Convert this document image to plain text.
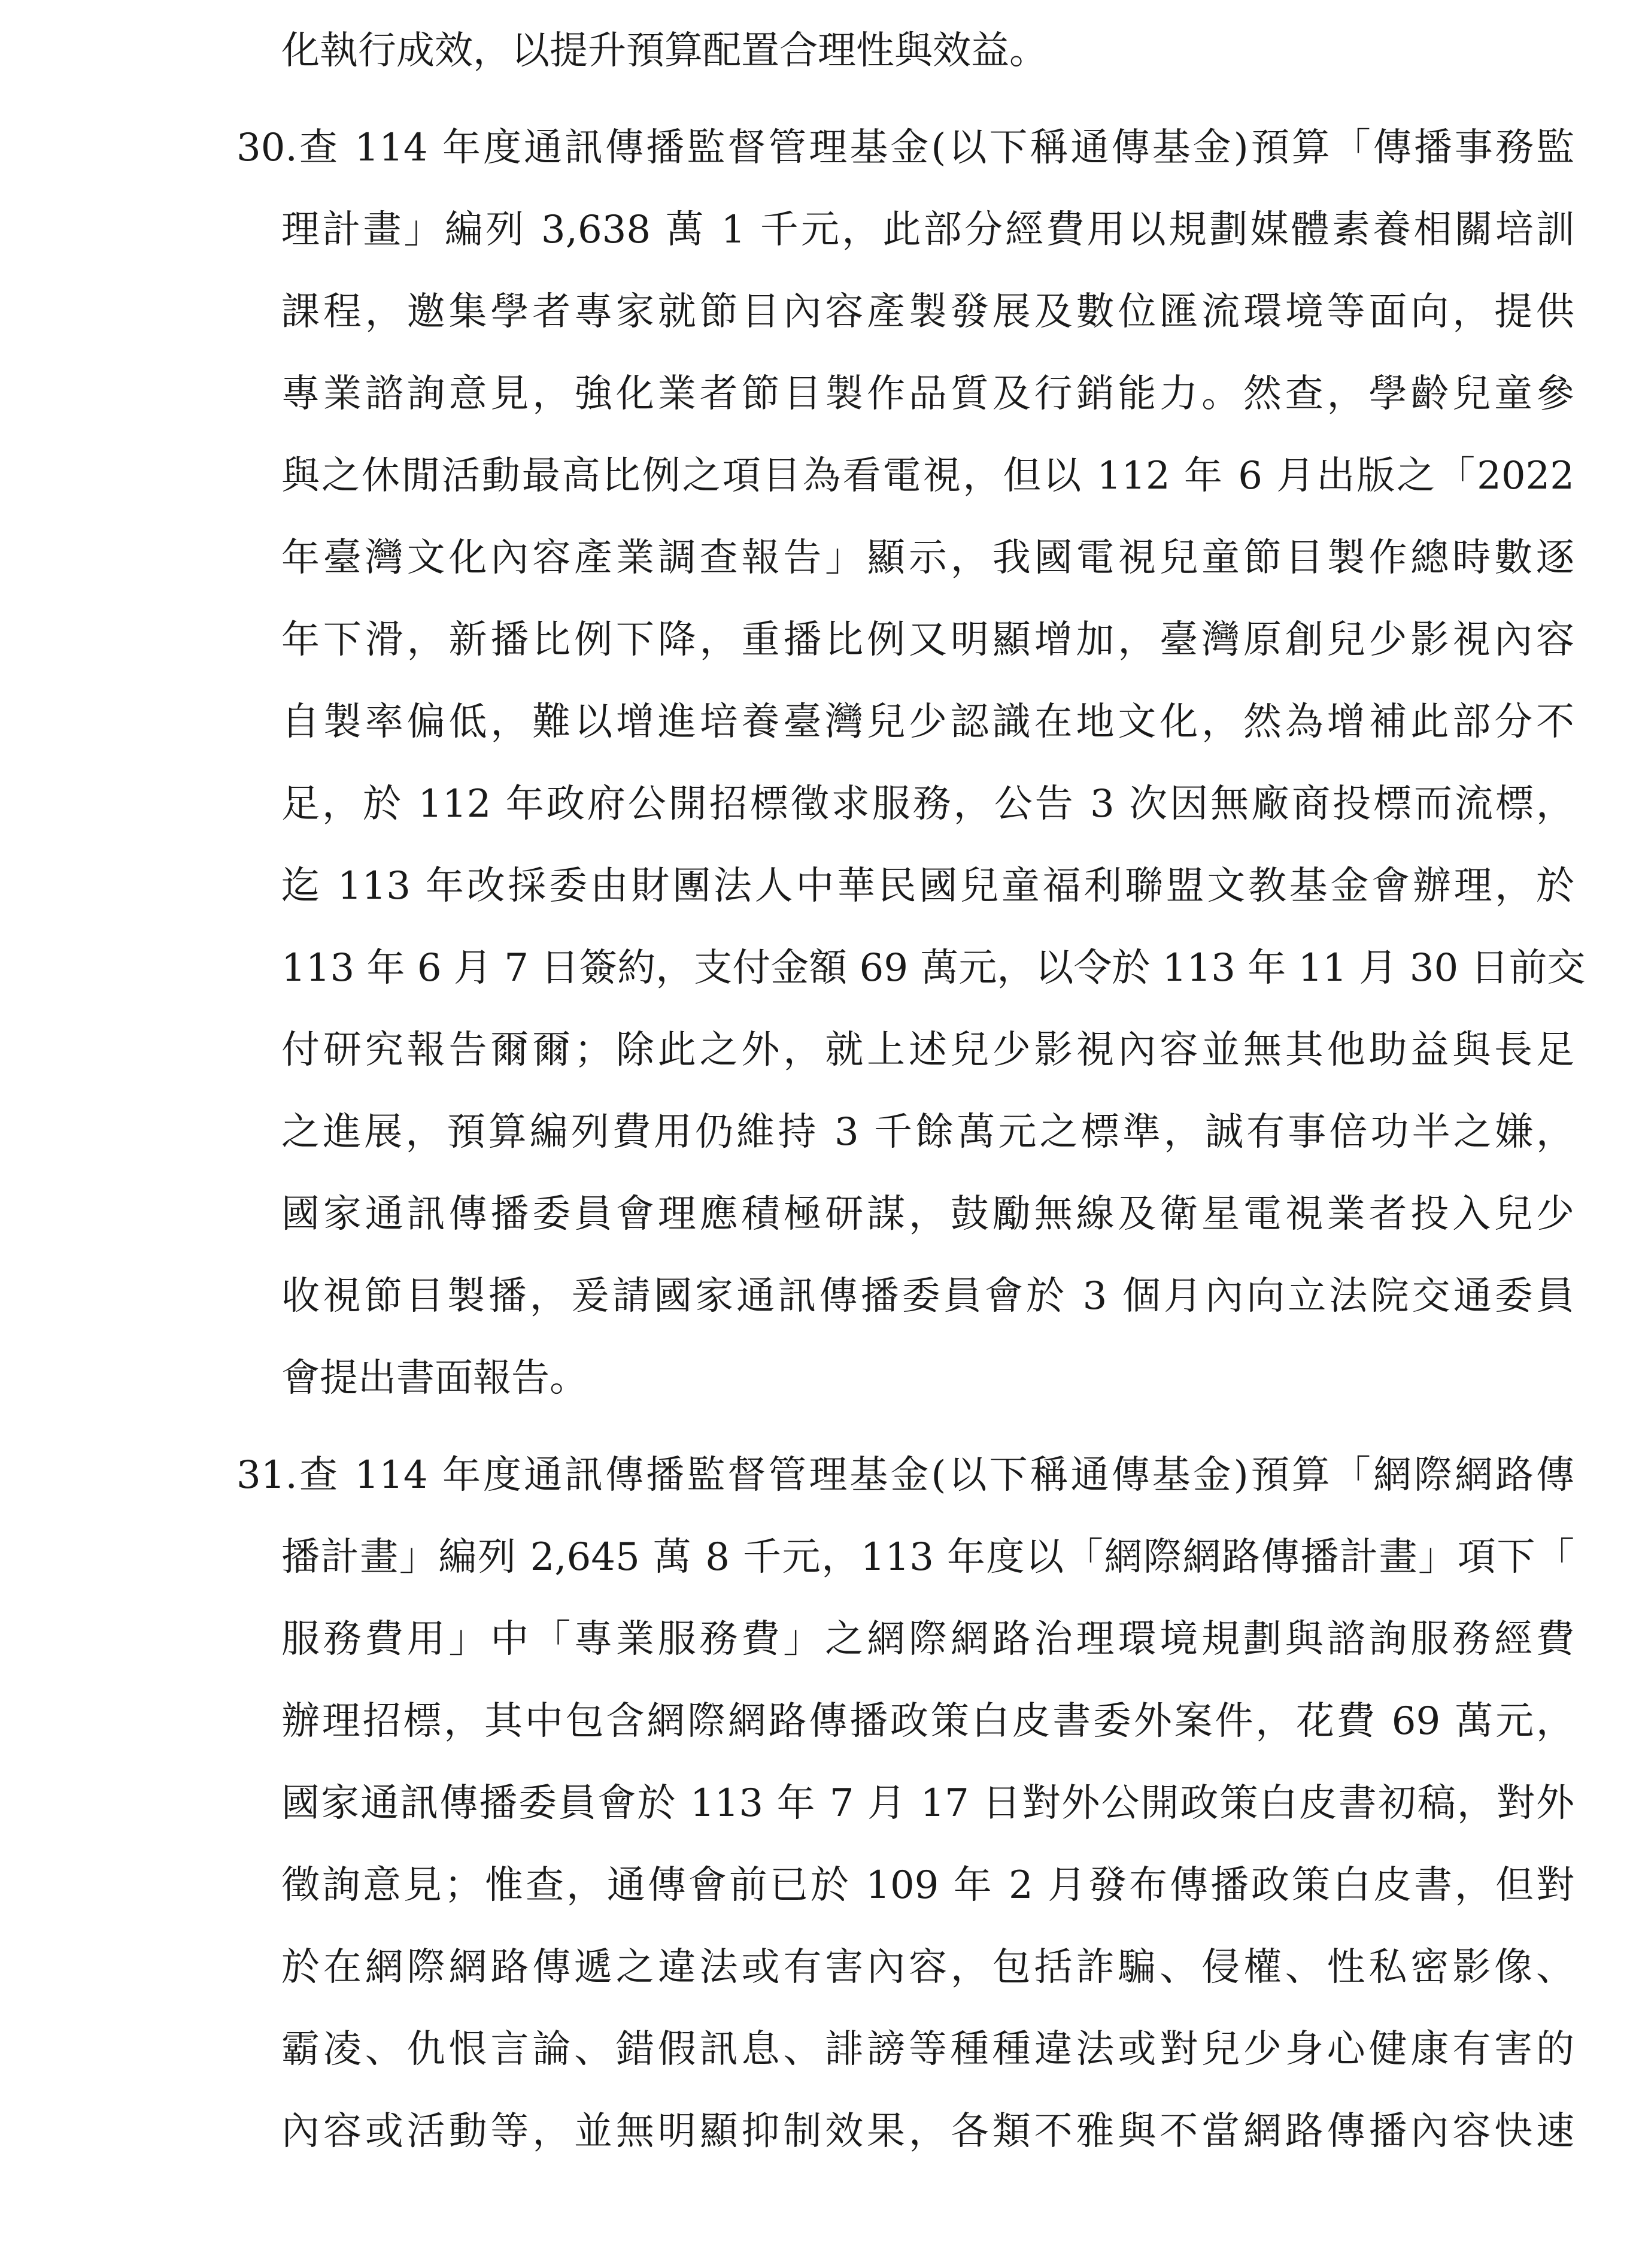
化執行成效，以提升預算配置合理性與效益。
30. 查 114 年度通訊傳播監督管理基金(以下稱通傳基金)預算「傳播事務監
理計畫」編列 3,638 萬 1 千元，此部分經費用以規劃媒體素養相關培訓
課程，邀集學者專家就節目內容產製發展及數位匯流環境等面向，提供
專業諮詢意見，強化業者節目製作品質及行銷能力。然查，學齡兒童參
與之休閒活動最高比例之項目為看電視，但以 112 年 6 月出版之「2022
年臺灣文化內容產業調查報告」顯示，我國電視兒童節目製作總時數逐
年下滑，新播比例下降，重播比例又明顯增加，臺灣原創兒少影視內容
自製率偏低，難以增進培養臺灣兒少認識在地文化，然為增補此部分不
足，於 112 年政府公開招標徵求服務，公告 3 次因無廠商投標而流標，
迄 113 年改採委由財團法人中華民國兒童福利聯盟文教基金會辦理，於
113 年 6 月 7 日簽約，支付金額 69 萬元，以令於 113 年 11 月 30 日前交
付研究報告爾爾；除此之外，就上述兒少影視內容並無其他助益與長足
之進展，預算編列費用仍維持 3 千餘萬元之標準，誠有事倍功半之嫌，
國家通訊傳播委員會理應積極研謀，鼓勵無線及衛星電視業者投入兒少
收視節目製播，爰請國家通訊傳播委員會於 3 個月內向立法院交通委員
會提出書面報告。
31. 查 114 年度通訊傳播監督管理基金(以下稱通傳基金)預算「網際網路傳
播計畫」編列 2,645 萬 8 千元，113 年度以「網際網路傳播計畫」項下「
服務費用」中「專業服務費」之網際網路治理環境規劃與諮詢服務經費
辦理招標，其中包含網際網路傳播政策白皮書委外案件，花費 69 萬元，
國家通訊傳播委員會於 113 年 7 月 17 日對外公開政策白皮書初稿，對外
徵詢意見；惟查，通傳會前已於 109 年 2 月發布傳播政策白皮書，但對
於在網際網路傳遞之違法或有害內容，包括詐騙、侵權、性私密影像、
霸凌、仇恨言論、錯假訊息、誹謗等種種違法或對兒少身心健康有害的
內容或活動等，並無明顯抑制效果，各類不雅與不當網路傳播內容快速
